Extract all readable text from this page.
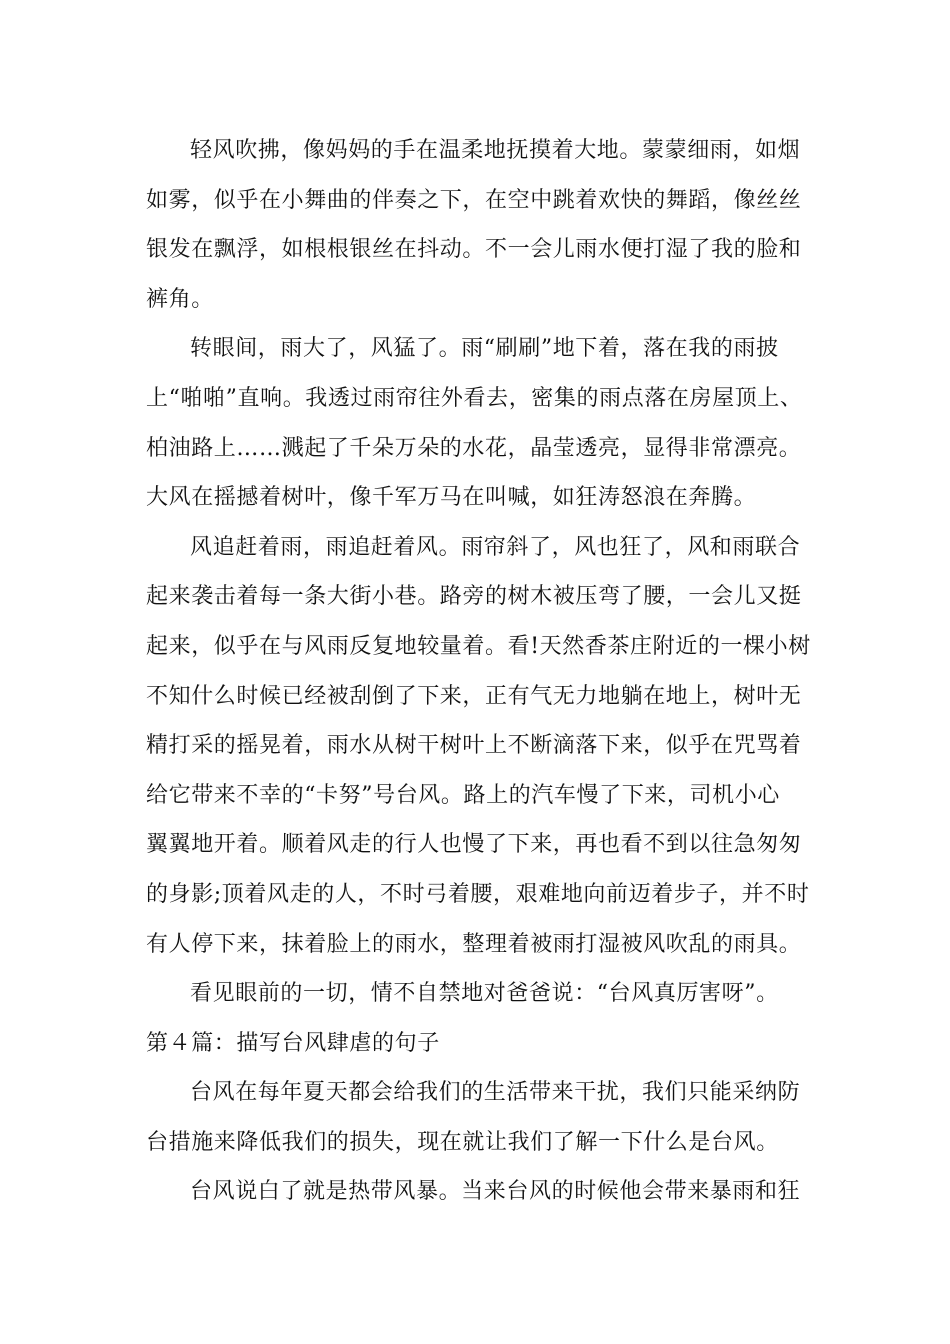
轻风吹拂，像妈妈的手在温柔地抚摸着大地。蒙蒙细雨，如烟
如雾，似乎在小舞曲的伴奏之下，在空中跳着欢快的舞蹈，像丝丝
银发在飘浮，如根根银丝在抖动。不一会儿雨水便打湿了我的脸和
裤角。

转眼间，雨大了，风猛了。雨“刷刷”地下着，落在我的雨披
上“啪啪”直响。我透过雨帘往外看去，密集的雨点落在房屋顶上、
柏油路上……溅起了千朵万朵的水花，晶莹透亮，显得非常漂亮。
大风在摇撼着树叶，像千军万马在叫喊，如狂涛怒浪在奔腾。

风追赶着雨，雨追赶着风。雨帘斜了，风也狂了，风和雨联合
起来袭击着每一条大街小巷。路旁的树木被压弯了腰，一会儿又挺
起来，似乎在与风雨反复地较量着。看!天然香茶庄附近的一棵小树
不知什么时候已经被刮倒了下来，正有气无力地躺在地上，树叶无
精打采的摇晃着，雨水从树干树叶上不断滴落下来，似乎在咒骂着
给它带来不幸的“卡努”号台风。路上的汽车慢了下来，司机小心
翼翼地开着。顺着风走的行人也慢了下来，再也看不到以往急匆匆
的身影;顶着风走的人，不时弓着腰，艰难地向前迈着步子，并不时
有人停下来，抹着脸上的雨水，整理着被雨打湿被风吹乱的雨具。

看见眼前的一切，情不自禁地对爸爸说：“台风真厉害呀”。

第４篇：描写台风肆虐的句子

台风在每年夏天都会给我们的生活带来干扰，我们只能采纳防
台措施来降低我们的损失，现在就让我们了解一下什么是台风。

台风说白了就是热带风暴。当来台风的时候他会带来暴雨和狂
